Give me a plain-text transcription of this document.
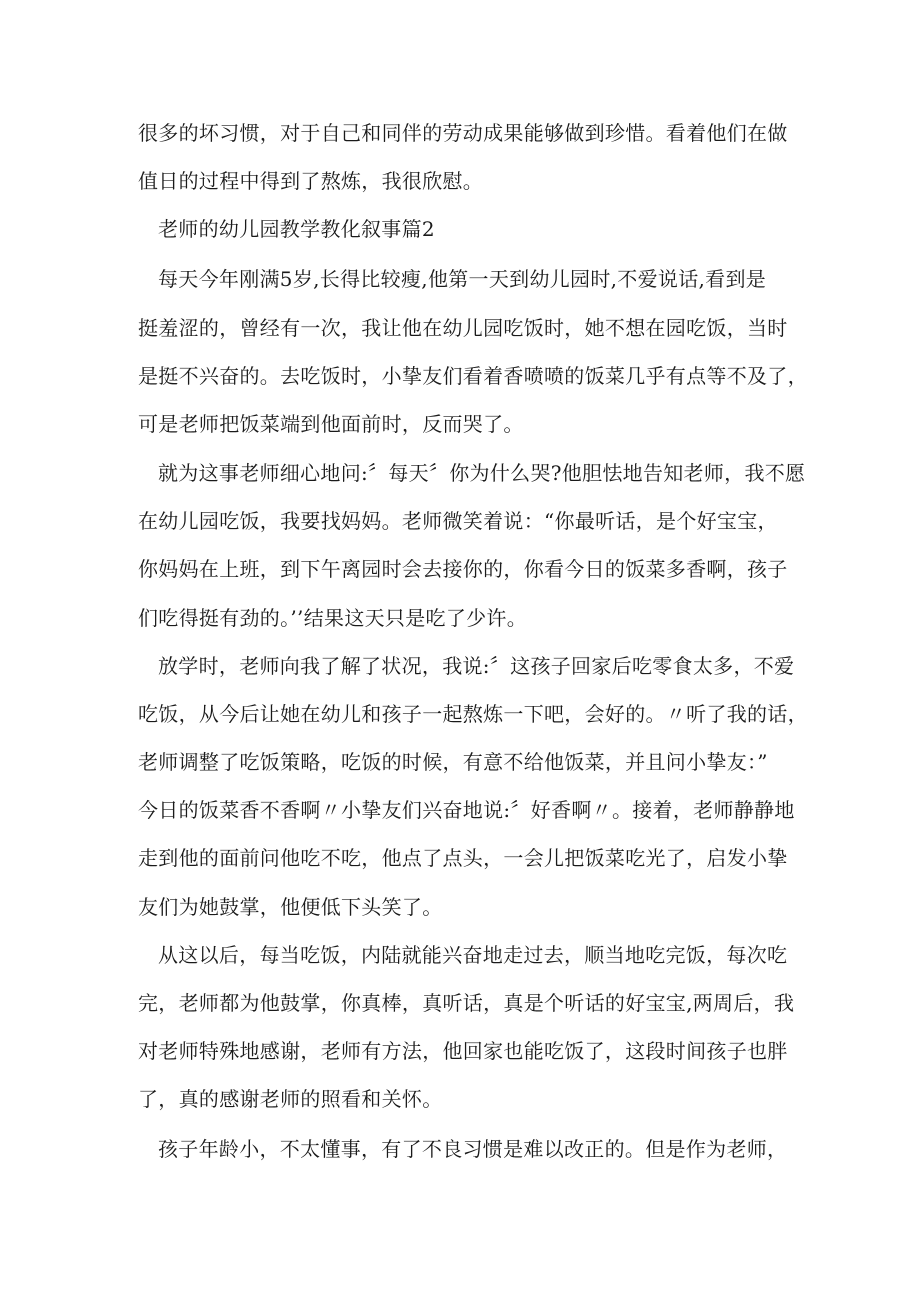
很多的坏习惯，对于自己和同伴的劳动成果能够做到珍惜。看着他们在做
值日的过程中得到了熬炼，我很欣慰。
老师的幼儿园教学教化叙事篇2
每天今年刚满5岁,长得比较瘦,他第一天到幼儿园时,不爱说话,看到是
挺羞涩的，曾经有一次，我让他在幼儿园吃饭时，她不想在园吃饭，当时
是挺不兴奋的。去吃饭时，小挚友们看着香喷喷的饭菜几乎有点等不及了，
可是老师把饭菜端到他面前时，反而哭了。
就为这事老师细心地问:〞每天〞你为什么哭?他胆怯地告知老师，我不愿
在幼儿园吃饭，我要找妈妈。老师微笑着说：“你最听话，是个好宝宝，
你妈妈在上班，到下午离园时会去接你的，你看今日的饭菜多香啊，孩子
们吃得挺有劲的。’’结果这天只是吃了少许。
放学时，老师向我了解了状况，我说:〞这孩子回家后吃零食太多，不爱
吃饭，从今后让她在幼儿和孩子一起熬炼一下吧，会好的。〃听了我的话，
老师调整了吃饭策略，吃饭的时候，有意不给他饭菜，并且问小挚友：”
今日的饭菜香不香啊〃小挚友们兴奋地说:〞好香啊〃。接着，老师静静地
走到他的面前问他吃不吃，他点了点头，一会儿把饭菜吃光了，启发小挚
友们为她鼓掌，他便低下头笑了。
从这以后，每当吃饭，内陆就能兴奋地走过去，顺当地吃完饭，每次吃
完，老师都为他鼓掌，你真棒，真听话，真是个听话的好宝宝,两周后，我
对老师特殊地感谢，老师有方法，他回家也能吃饭了，这段时间孩子也胖
了，真的感谢老师的照看和关怀。
孩子年龄小，不太懂事，有了不良习惯是难以改正的。但是作为老师，
